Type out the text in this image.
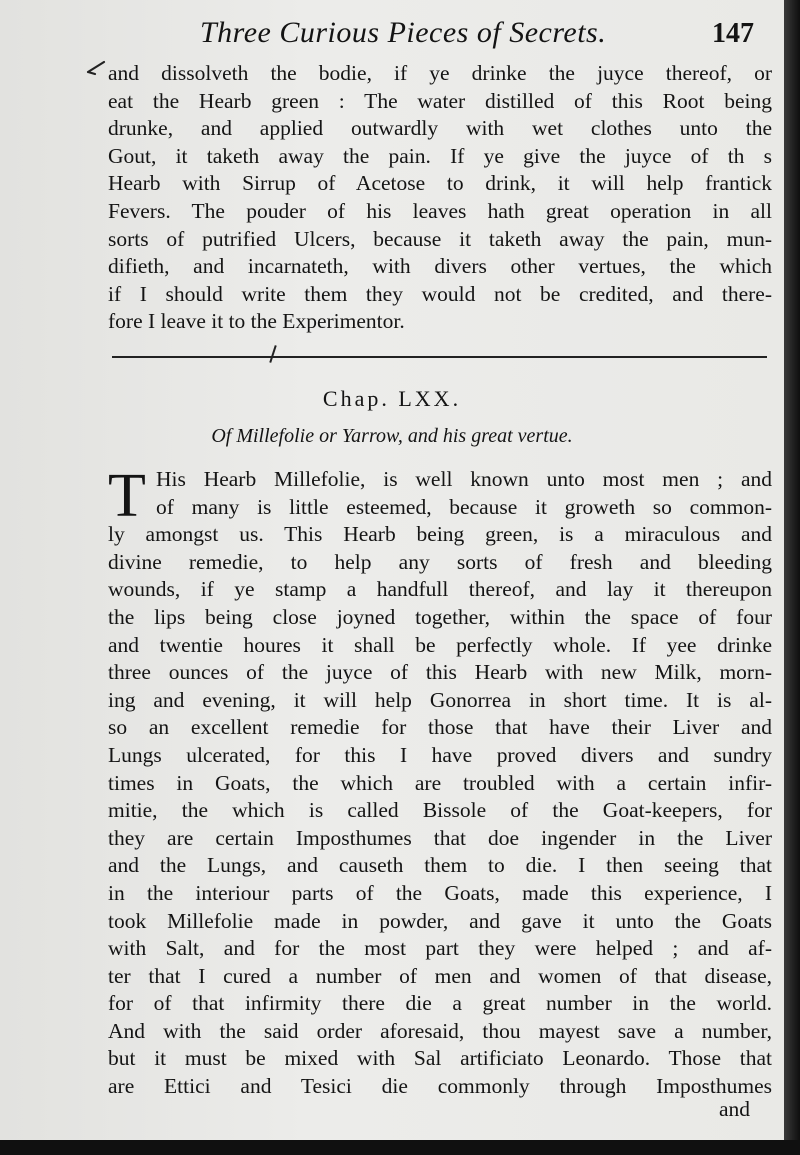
Three Curious Pieces of Secrets.	147
and dissolveth the bodie, if ye drinke the juyce thereof, or
eat the Hearb green : The water distilled of this Root being
drunke, and applied outwardly with wet clothes unto the
Gout, it taketh away the pain. If ye give the juyce of th s
Hearb with Sirrup of Acetose to drink, it will help frantick
Fevers. The pouder of his leaves hath great operation in all
sorts of putrified Ulcers, because it taketh away the pain, mun-
difieth, and incarnateth, with divers other vertues, the which
if I should write them they would not be credited, and there-
fore I leave it to the Experimentor.
Chap. LXX.
Of Millefolie or Yarrow, and his great vertue.
T His Hearb Millefolie, is well known unto most men ; and
of many is little esteemed, because it groweth so common-
ly amongst us. This Hearb being green, is a miraculous and
divine remedie, to help any sorts of fresh and bleeding
wounds, if ye stamp a handfull thereof, and lay it thereupon
the lips being close joyned together, within the space of four
and twentie houres it shall be perfectly whole. If yee drinke
three ounces of the juyce of this Hearb with new Milk, morn-
ing and evening, it will help Gonorrea in short time. It is al-
so an excellent remedie for those that have their Liver and
Lungs ulcerated, for this I have proved divers and sundry
times in Goats, the which are troubled with a certain infir-
mitie, the which is called Bissole of the Goat-keepers, for
they are certain Imposthumes that doe ingender in the Liver
and the Lungs, and causeth them to die. I then seeing that
in the interiour parts of the Goats, made this experience, I
took Millefolie made in powder, and gave it unto the Goats
with Salt, and for the most part they were helped ; and af-
ter that I cured a number of men and women of that disease,
for of that infirmity there die a great number in the world.
And with the said order aforesaid, thou mayest save a number,
but it must be mixed with Sal artificiato Leonardo. Those that
are Ettici and Tesici die commonly through Imposthumes
and
